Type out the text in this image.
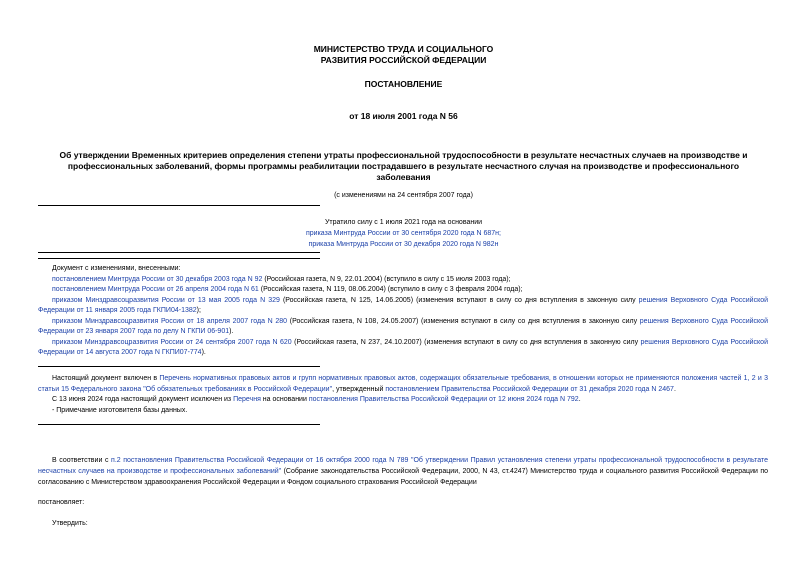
МИНИСТЕРСТВО ТРУДА И СОЦИАЛЬНОГО
РАЗВИТИЯ РОССИЙСКОЙ ФЕДЕРАЦИИ
ПОСТАНОВЛЕНИЕ
от 18 июля 2001 года N 56
Об утверждении Временных критериев определения степени утраты профессиональной трудоспособности в результате несчастных случаев на производстве и профессиональных заболеваний, формы программы реабилитации пострадавшего в результате несчастного случая на производстве и профессионального заболевания
(с изменениями на 24 сентября 2007 года)
Утратило силу с 1 июля 2021 года на основании
приказа Минтруда России от 30 сентября 2020 года N 687н;
приказа Минтруда России от 30 декабря 2020 года N 982н
Документ с изменениями, внесенными:
постановлением Минтруда России от 30 декабря 2003 года N 92 (Российская газета, N 9, 22.01.2004) (вступило в силу с 15 июля 2003 года);
постановлением Минтруда России от 26 апреля 2004 года N 61 (Российская газета, N 119, 08.06.2004) (вступило в силу с 3 февраля 2004 года);
приказом Минздравсоцразвития России от 13 мая 2005 года N 329 (Российская газета, N 125, 14.06.2005) (изменения вступают в силу со дня вступления в законную силу решения Верховного Суда Российской Федерации от 11 января 2005 года ГКПИ04-1382);
приказом Минздравсоцразвития России от 18 апреля 2007 года N 280 (Российская газета, N 108, 24.05.2007) (изменения вступают в силу со дня вступления в законную силу решения Верховного Суда Российской Федерации от 23 января 2007 года по делу N ГКПИ 06-901).
приказом Минздравсоцразвития России от 24 сентября 2007 года N 620 (Российская газета, N 237, 24.10.2007) (изменения вступают в силу со дня вступления в законную силу решения Верховного Суда Российской Федерации от 14 августа 2007 года N ГКПИ07-774).
Настоящий документ включен в Перечень нормативных правовых актов и групп нормативных правовых актов, содержащих обязательные требования, в отношении которых не применяются положения частей 1, 2 и 3 статьи 15 Федерального закона "Об обязательных требованиях в Российской Федерации", утвержденный постановлением Правительства Российской Федерации от 31 декабря 2020 года N 2467.
С 13 июня 2024 года настоящий документ исключен из Перечня на основании постановления Правительства Российской Федерации от 12 июня 2024 года N 792.
- Примечание изготовителя базы данных.
В соответствии с п.2 постановления Правительства Российской Федерации от 16 октября 2000 года N 789 "Об утверждении Правил установления степени утраты профессиональной трудоспособности в результате несчастных случаев на производстве и профессиональных заболеваний" (Собрание законодательства Российской Федерации, 2000, N 43, ст.4247) Министерство труда и социального развития Российской Федерации по согласованию с Министерством здравоохранения Российской Федерации и Фондом социального страхования Российской Федерации
постановляет:
Утвердить:
